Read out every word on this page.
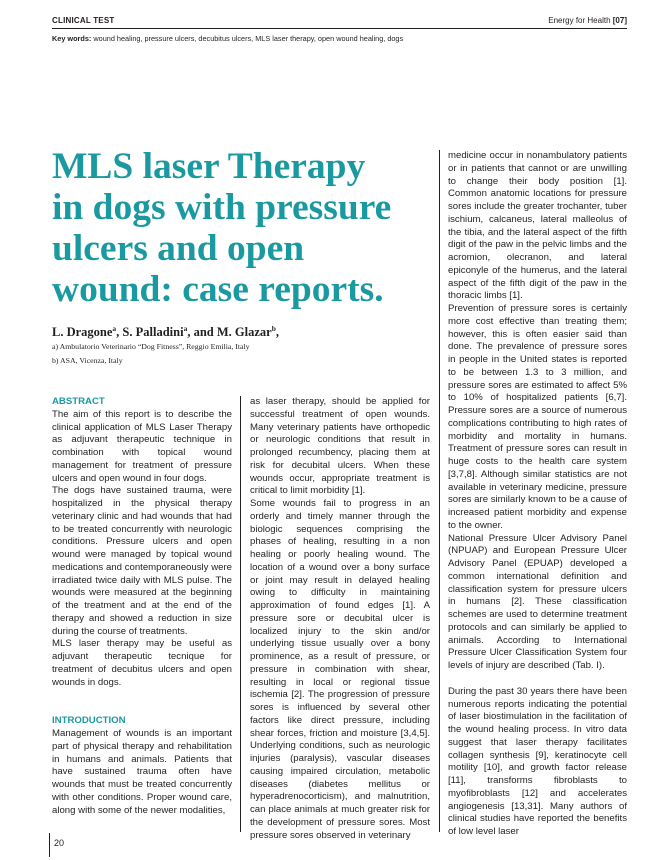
CLINICAL TEST	Energy for Health [07]
Key words: wound healing, pressure ulcers, decubitus ulcers, MLS laser therapy, open wound healing, dogs
MLS laser Therapy
in dogs with pressure
ulcers and open
wound: case reports.
L. Dragone$^a$, S. Palladini$^a$, and M. Glazar$^b$,
a) Ambulatorio Veterinario “Dog Fitness”, Reggio Emilia, Italy
b) ASA, Vicenza, Italy
ABSTRACT

The aim of this report is to describe the clinical application of MLS Laser Therapy as adjuvant therapeutic technique in combination with topical wound management for treatment of pressure ulcers and open wound in four dogs.

The dogs have sustained trauma, were hospitalized in the physical therapy veterinary clinic and had wounds that had to be treated concurrently with neurologic conditions. Pressure ulcers and open wound were managed by topical wound medications and contemporaneously were irradiated twice daily with MLS pulse. The wounds were measured at the beginning of the treatment and at the end of the therapy and showed a reduction in size during the course of treatments.

MLS laser therapy may be useful as adjuvant therapeutic tecnique for treatment of decubitus ulcers and open wounds in dogs.

INTRODUCTION

Management of wounds is an important part of physical therapy and rehabilitation in humans and animals. Patients that have sustained trauma often have wounds that must be treated concurrently with other conditions. Proper wound care, along with some of the newer modalities,

as laser therapy, should be applied for successful treatment of open wounds. Many veterinary patients have orthopedic or neurologic conditions that result in prolonged recumbency, placing them at risk for decubital ulcers. When these wounds occur, appropriate treatment is critical to limit morbidity [1].

Some wounds fail to progress in an orderly and timely manner through the biologic sequences comprising the phases of healing, resulting in a non healing or poorly healing wound. The location of a wound over a bony surface or joint may result in delayed healing owing to difficulty in maintaining approximation of found edges [1]. A pressure sore or decubital ulcer is localized injury to the skin and/or underlying tissue usually over a bony prominence, as a result of pressure, or pressure in combination with shear, resulting in local or regional tissue ischemia [2]. The progression of pressure sores is influenced by several other factors like direct pressure, including shear forces, friction and moisture [3,4,5]. Underlying conditions, such as neurologic injuries (paralysis), vascular diseases causing impaired circulation, metabolic diseases (diabetes mellitus or hyperadrenocorticism), and malnutrition, can place animals at much greater risk for the development of pressure sores. Most pressure sores observed in veterinary

medicine occur in nonambulatory patients or in patients that cannot or are unwilling to change their body position [1]. Common anatomic locations for pressure sores include the greater trochanter, tuber ischium, calcaneus, lateral malleolus of the tibia, and the lateral aspect of the fifth digit of the paw in the pelvic limbs and the acromion, olecranon, and lateral epiconyle of the humerus, and the lateral aspect of the fifth digit of the paw in the thoracic limbs [1].

Prevention of pressure sores is certainly more cost effective than treating them; however, this is often easier said than done. The prevalence of pressure sores in people in the United states is reported to be between 1.3 to 3 million, and pressure sores are estimated to affect 5% to 10% of hospitalized patients [6,7]. Pressure sores are a source of numerous complications contributing to high rates of morbidity and mortality in humans. Treatment of pressure sores can result in huge costs to the health care system [3,7,8]. Although similar statistics are not available in veterinary medicine, pressure sores are similarly known to be a cause of increased patient morbidity and expense to the owner.

National Pressure Ulcer Advisory Panel (NPUAP) and European Pressure Ulcer Advisory Panel (EPUAP) developed a common international definition and classification system for pressure ulcers in humans [2]. These classification schemes are used to determine treatment protocols and can similarly be applied to animals. According to International Pressure Ulcer Classification System four levels of injury are described (Tab. I).

During the past 30 years there have been numerous reports indicating the potential of laser biostimulation in the facilitation of the wound healing process. In vitro data suggest that laser therapy facilitates collagen synthesis [9], keratinocyte cell motility [10], and growth factor release [11], transforms fibroblasts to myofibroblasts [12] and accelerates angiogenesis [13,31]. Many authors of clinical studies have reported the benefits of low level laser

20
